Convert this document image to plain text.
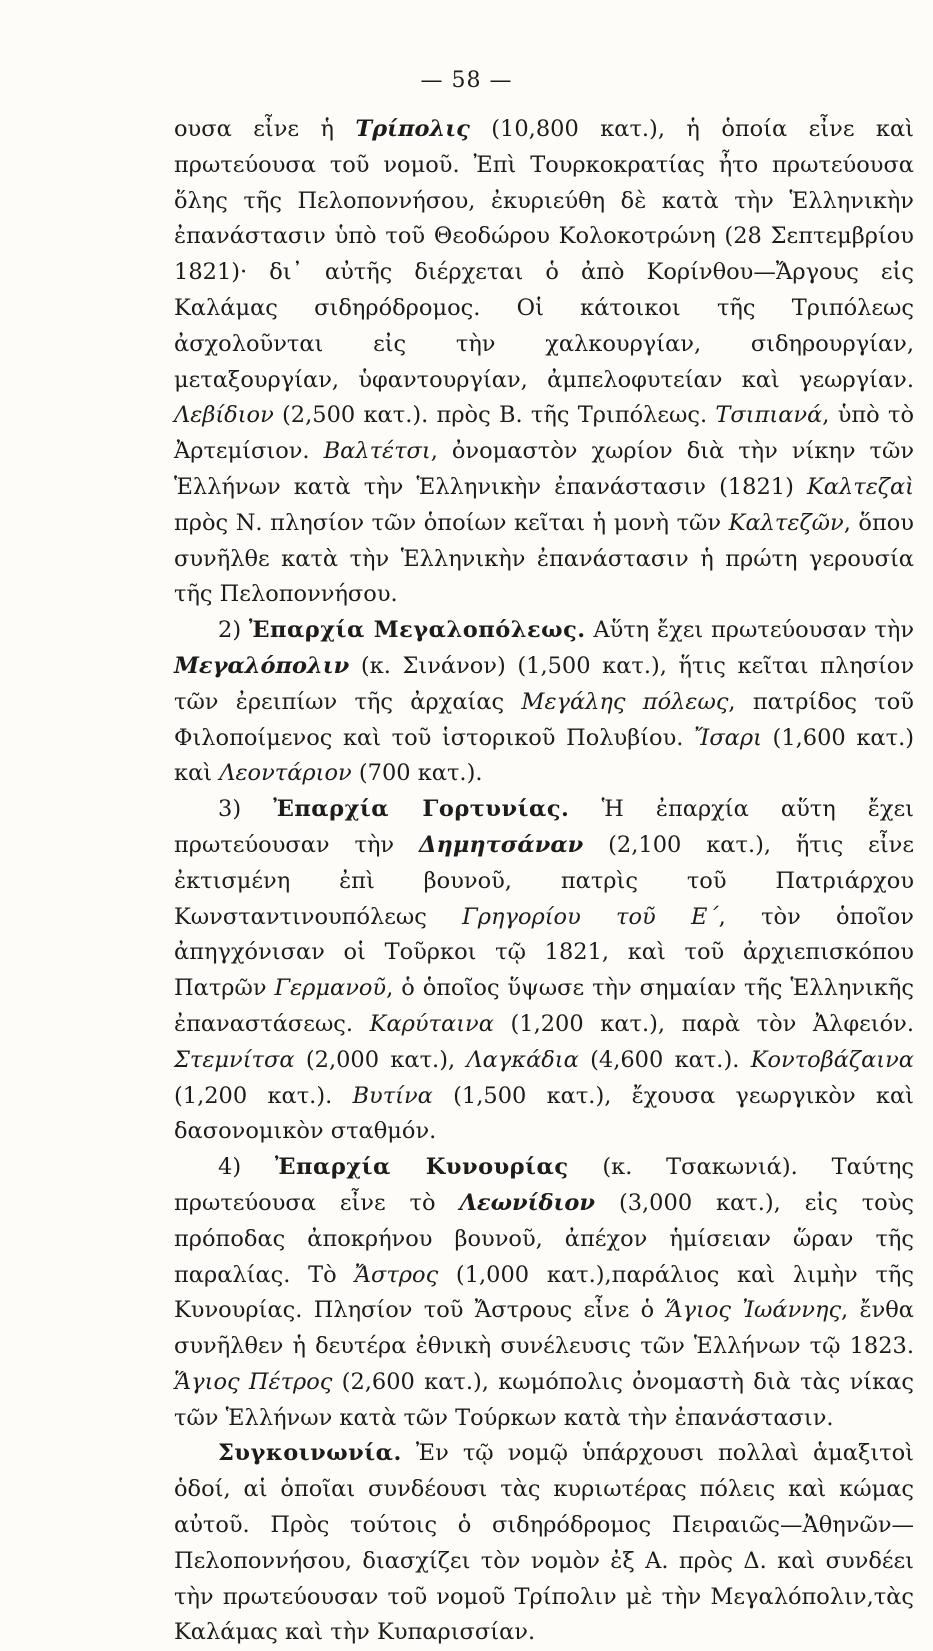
— 58 —

ουσα εἶνε ἡ Τρίπολις (10,800 κατ.), ἡ ὁποία εἶνε καὶ πρωτεύουσα τοῦ νομοῦ. Ἐπὶ Τουρκοκρατίας ἦτο πρωτεύουσα ὅλης τῆς Πελοποννήσου, ἐκυριεύθη δὲ κατὰ τὴν Ἑλληνικὴν ἐπανάστασιν ὑπὸ τοῦ Θεοδώρου Κολοκοτρώνη (28 Σεπτεμβρίου 1821)· δι᾽ αὐτῆς διέρχεται ὁ ἀπὸ Κορίνθου—Ἄργους εἰς Καλάμας σιδηρόδρομος. Οἱ κάτοικοι τῆς Τριπόλεως ἀσχολοῦνται εἰς τὴν χαλκουργίαν, σιδηρουργίαν, μεταξουργίαν, ὑφαντουργίαν, ἀμπελοφυτείαν καὶ γεωργίαν. Λεβίδιον (2,500 κατ.). πρὸς Β. τῆς Τριπόλεως. Τσιπιανά, ὑπὸ τὸ Ἀρτεμίσιον. Βαλτέτσι, ὀνομαστὸν χωρίον διὰ τὴν νίκην τῶν Ἑλλήνων κατὰ τὴν Ἑλληνικὴν ἐπανάστασιν (1821) Καλτεζαὶ πρὸς Ν. πλησίον τῶν ὁποίων κεῖται ἡ μονὴ τῶν Καλτεζῶν, ὅπου συνῆλθε κατὰ τὴν Ἑλληνικὴν ἐπανάστασιν ἡ πρώτη γερουσία τῆς Πελοποννήσου.

2) Ἐπαρχία Μεγαλοπόλεως. Αὕτη ἔχει πρωτεύουσαν τὴν Μεγαλόπολιν (κ. Σινάνον) (1,500 κατ.), ἥτις κεῖται πλησίον τῶν ἐρειπίων τῆς ἀρχαίας Μεγάλης πόλεως, πατρίδος τοῦ Φιλοποίμενος καὶ τοῦ ἱστορικοῦ Πολυβίου. Ἴσαρι (1,600 κατ.) καὶ Λεοντάριον (700 κατ.).

3) Ἐπαρχία Γορτυνίας. Ἡ ἐπαρχία αὕτη ἔχει πρωτεύουσαν τὴν Δημητσάναν (2,100 κατ.), ἥτις εἶνε ἐκτισμένη ἐπὶ βουνοῦ, πατρὶς τοῦ Πατριάρχου Κωνσταντινουπόλεως Γρηγορίου τοῦ Ε΄, τὸν ὁποῖον ἀπηγχόνισαν οἱ Τοῦρκοι τῷ 1821, καὶ τοῦ ἀρχιεπισκόπου Πατρῶν Γερμανοῦ, ὁ ὁποῖος ὕψωσε τὴν σημαίαν τῆς Ἑλληνικῆς ἐπαναστάσεως. Καρύταινα (1,200 κατ.), παρὰ τὸν Ἀλφειόν. Στεμνίτσα (2,000 κατ.), Λαγκάδια (4,600 κατ.). Κοντοβάζαινα (1,200 κατ.). Βυτίνα (1,500 κατ.), ἔχουσα γεωργικὸν καὶ δασονομικὸν σταθμόν.

4) Ἐπαρχία Κυνουρίας (κ. Τσακωνιά). Ταύτης πρωτεύουσα εἶνε τὸ Λεωνίδιον (3,000 κατ.), εἰς τοὺς πρόποδας ἀποκρήνου βουνοῦ, ἀπέχον ἡμίσειαν ὥραν τῆς παραλίας. Τὸ Ἄστρος (1,000 κατ.),παράλιος καὶ λιμὴν τῆς Κυνουρίας. Πλησίον τοῦ Ἄστρους εἶνε ὁ Ἅγιος Ἰωάννης, ἔνθα συνῆλθεν ἡ δευτέρα ἐθνικὴ συνέλευσις τῶν Ἑλλήνων τῷ 1823. Ἅγιος Πέτρος (2,600 κατ.), κωμόπολις ὀνομαστὴ διὰ τὰς νίκας τῶν Ἑλλήνων κατὰ τῶν Τούρκων κατὰ τὴν ἐπανάστασιν.

Συγκοινωνία. Ἐν τῷ νομῷ ὑπάρχουσι πολλαὶ ἁμαξιτοὶ ὁδοί, αἱ ὁποῖαι συνδέουσι τὰς κυριωτέρας πόλεις καὶ κώμας αὐτοῦ. Πρὸς τούτοις ὁ σιδηρόδρομος Πειραιῶς—Ἀθηνῶν—Πελοποννήσου, διασχίζει τὸν νομὸν ἐξ Α. πρὸς Δ. καὶ συνδέει τὴν πρωτεύουσαν τοῦ νομοῦ Τρίπολιν μὲ τὴν Μεγαλόπολιν,τὰς Καλάμας καὶ τὴν Κυπαρισσίαν.
